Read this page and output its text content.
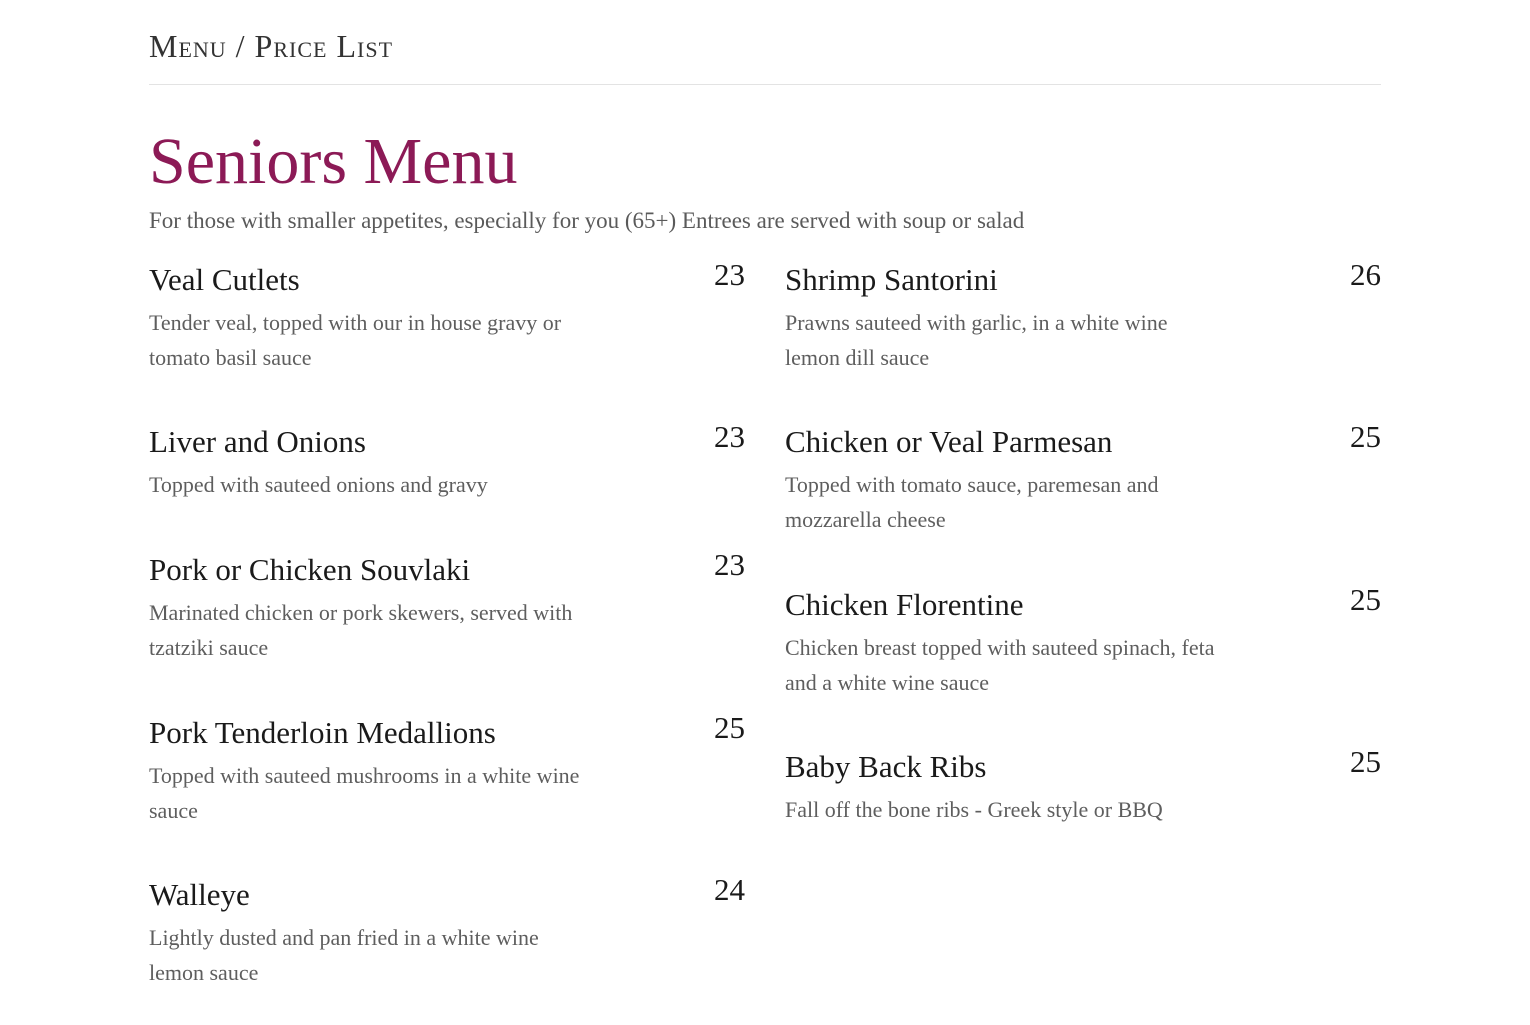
Menu / Price List
Seniors Menu
For those with smaller appetites, especially for you (65+) Entrees are served with soup or salad
Veal Cutlets	23
Tender veal, topped with our in house gravy or tomato basil sauce
Liver and Onions	23
Topped with sauteed onions and gravy
Pork or Chicken Souvlaki	23
Marinated chicken or pork skewers, served with tzatziki sauce
Pork Tenderloin Medallions	25
Topped with sauteed mushrooms in a white wine sauce
Walleye	24
Lightly dusted and pan fried in a white wine lemon sauce
Shrimp Santorini	26
Prawns sauteed with garlic, in a white wine lemon dill sauce
Chicken or Veal Parmesan	25
Topped with tomato sauce, paremesan and mozzarella cheese
Chicken Florentine	25
Chicken breast topped with sauteed spinach, feta and a white wine sauce
Baby Back Ribs	25
Fall off the bone ribs - Greek style or BBQ
